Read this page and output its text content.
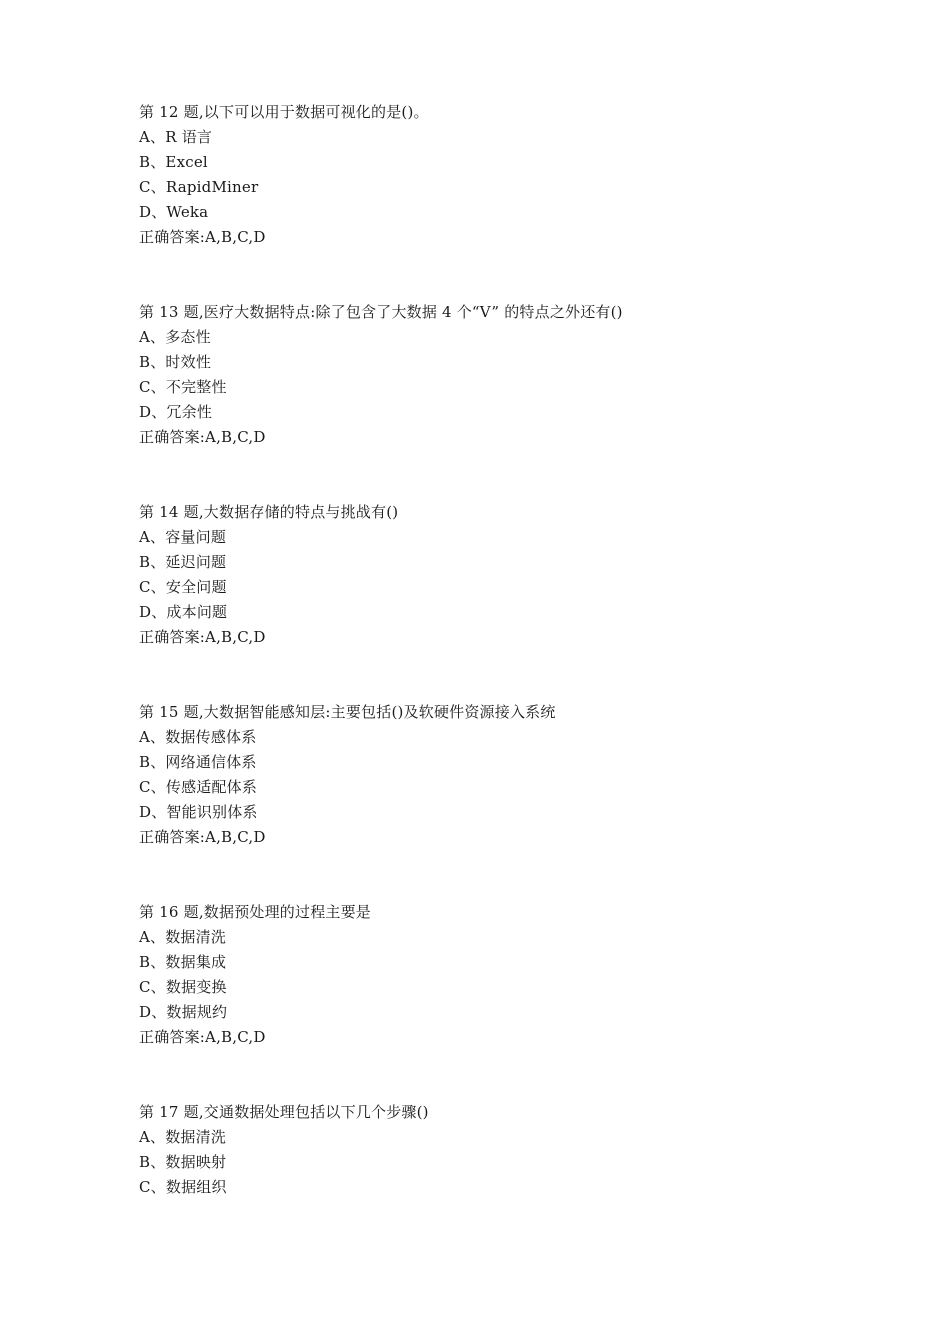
第 12 题,以下可以用于数据可视化的是()。
A、R 语言
B、Excel
C、RapidMiner
D、Weka
正确答案:A,B,C,D
第 13 题,医疗大数据特点:除了包含了大数据 4 个“V” 的特点之外还有()
A、多态性
B、时效性
C、不完整性
D、冗余性
正确答案:A,B,C,D
第 14 题,大数据存储的特点与挑战有()
A、容量问题
B、延迟问题
C、安全问题
D、成本问题
正确答案:A,B,C,D
第 15 题,大数据智能感知层:主要包括()及软硬件资源接入系统
A、数据传感体系
B、网络通信体系
C、传感适配体系
D、智能识别体系
正确答案:A,B,C,D
第 16 题,数据预处理的过程主要是
A、数据清洗
B、数据集成
C、数据变换
D、数据规约
正确答案:A,B,C,D
第 17 题,交通数据处理包括以下几个步骤()
A、数据清洗
B、数据映射
C、数据组织
